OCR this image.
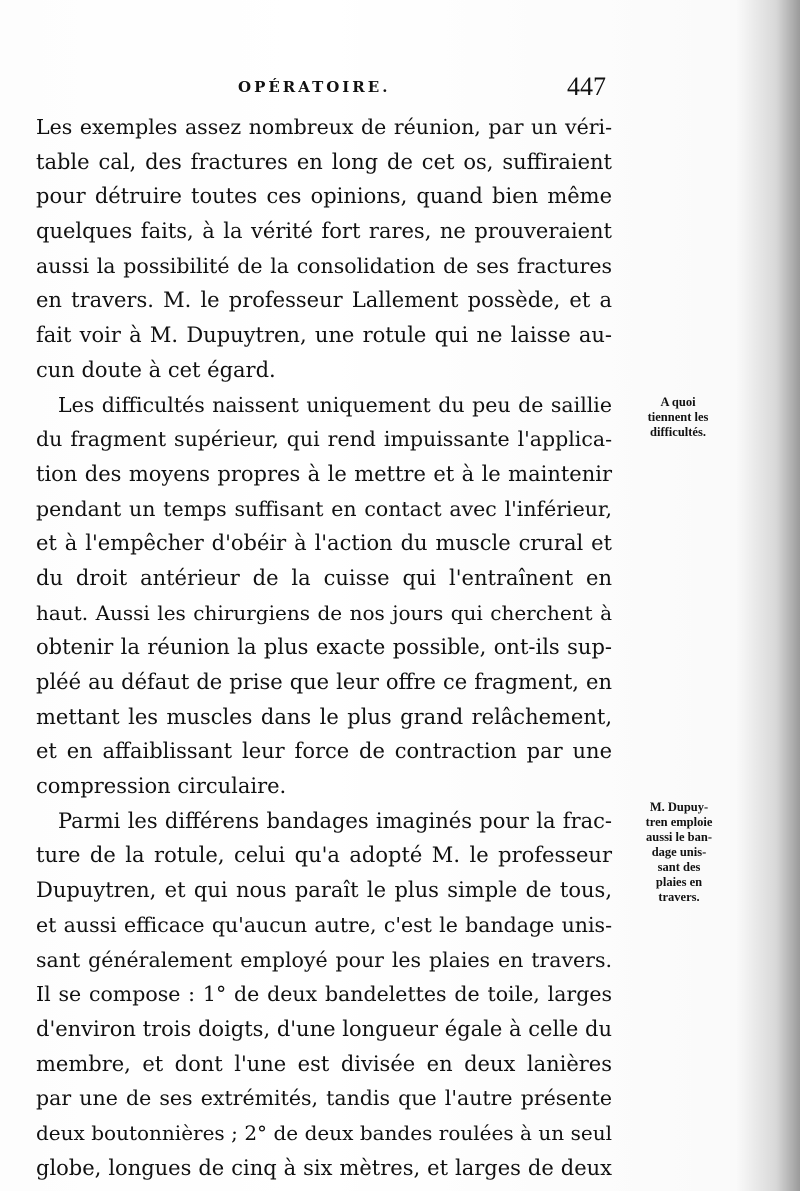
OPÉRATOIRE.	447
Les exemples assez nombreux de réunion, par un véri-
table cal, des fractures en long de cet os, suffiraient
pour détruire toutes ces opinions, quand bien même
quelques faits, à la vérité fort rares, ne prouveraient
aussi la possibilité de la consolidation de ses fractures
en travers. M. le professeur Lallement possède, et a
fait voir à M. Dupuytren, une rotule qui ne laisse au-
cun doute à cet égard.
Les difficultés naissent uniquement du peu de saillie
du fragment supérieur, qui rend impuissante l'applica-
tion des moyens propres à le mettre et à le maintenir
pendant un temps suffisant en contact avec l'inférieur,
et à l'empêcher d'obéir à l'action du muscle crural et
du droit antérieur de la cuisse qui l'entraînent en
haut. Aussi les chirurgiens de nos jours qui cherchent à
obtenir la réunion la plus exacte possible, ont-ils sup-
pléé au défaut de prise que leur offre ce fragment, en
mettant les muscles dans le plus grand relâchement,
et en affaiblissant leur force de contraction par une
compression circulaire.
Parmi les différens bandages imaginés pour la frac-
ture de la rotule, celui qu'a adopté M. le professeur
Dupuytren, et qui nous paraît le plus simple de tous,
et aussi efficace qu'aucun autre, c'est le bandage unis-
sant généralement employé pour les plaies en travers.
Il se compose : 1° de deux bandelettes de toile, larges
d'environ trois doigts, d'une longueur égale à celle du
membre, et dont l'une est divisée en deux lanières
par une de ses extrémités, tandis que l'autre présente
deux boutonnières ; 2° de deux bandes roulées à un seul
globe, longues de cinq à six mètres, et larges de deux
A quoi
tiennent les
difficultés.
M. Dupuy-
tren emploie
aussi le ban-
dage unis-
sant des
plaies en
travers.
